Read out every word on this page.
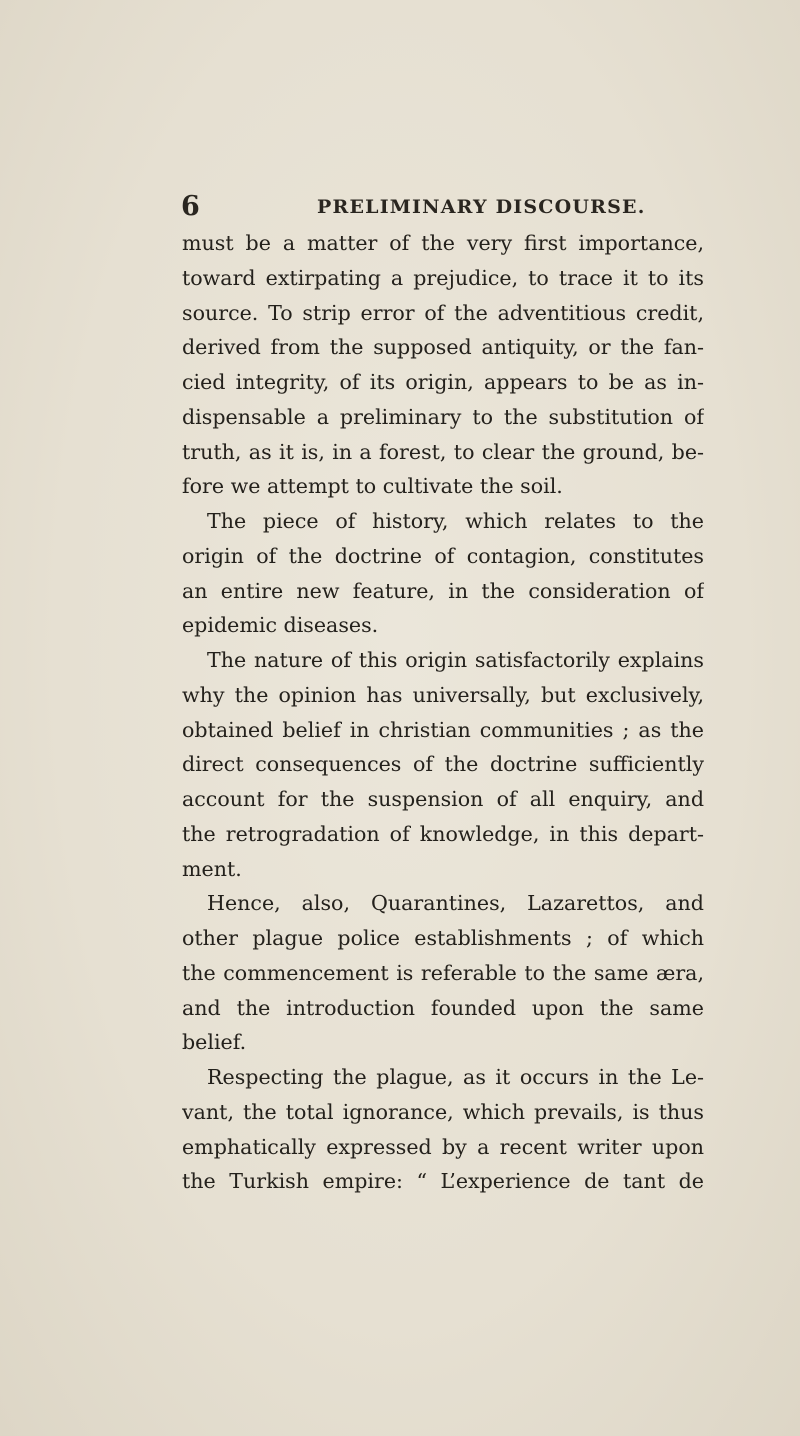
6	PRELIMINARY DISCOURSE.
must be a matter of the very first importance,
toward extirpating a prejudice, to trace it to its
source. To strip error of the adventitious credit,
derived from the supposed antiquity, or the fan-
cied integrity, of its origin, appears to be as in-
dispensable a preliminary to the substitution of
truth, as it is, in a forest, to clear the ground, be-
fore we attempt to cultivate the soil.
The piece of history, which relates to the
origin of the doctrine of contagion, constitutes
an entire new feature, in the consideration of
epidemic diseases.
The nature of this origin satisfactorily explains
why the opinion has universally, but exclusively,
obtained belief in christian communities ; as the
direct consequences of the doctrine sufficiently
account for the suspension of all enquiry, and
the retrogradation of knowledge, in this depart-
ment.
Hence, also, Quarantines, Lazarettos, and
other plague police establishments ; of which
the commencement is referable to the same æra,
and the introduction founded upon the same
belief.
Respecting the plague, as it occurs in the Le-
vant, the total ignorance, which prevails, is thus
emphatically expressed by a recent writer upon
the Turkish empire: “ L’experience de tant de
